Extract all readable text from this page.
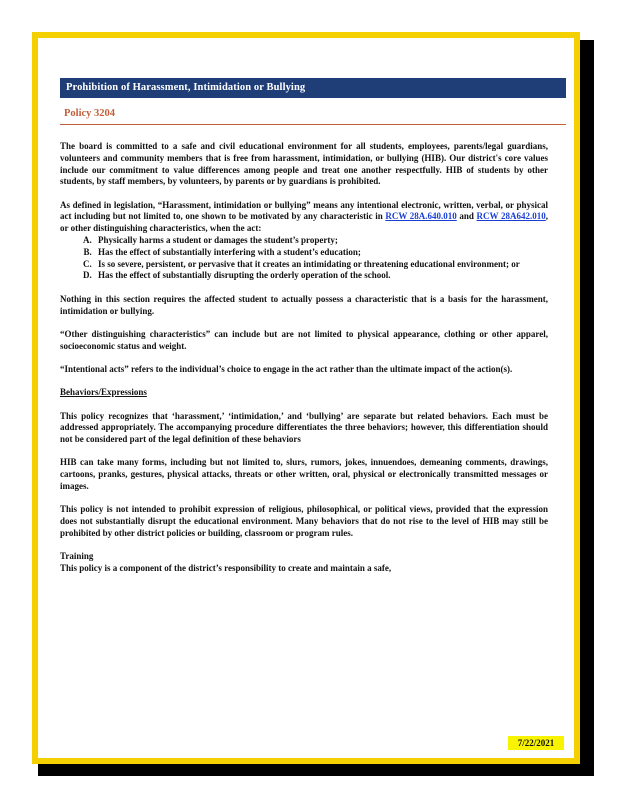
Prohibition of Harassment, Intimidation or Bullying
Policy 3204

The board is committed to a safe and civil educational environment for all students, employees, parents/legal guardians, volunteers and community members that is free from harassment, intimidation, or bullying (HIB). Our district's core values include our commitment to value differences among people and treat one another respectfully. HIB of students by other students, by staff members, by volunteers, by parents or by guardians is prohibited.

As defined in legislation, “Harassment, intimidation or bullying” means any intentional electronic, written, verbal, or physical act including but not limited to, one shown to be motivated by any characteristic in RCW 28A.640.010 and RCW 28A642.010, or other distinguishing characteristics, when the act:

A. Physically harms a student or damages the student’s property;
B. Has the effect of substantially interfering with a student’s education;
C. Is so severe, persistent, or pervasive that it creates an intimidating or threatening educational environment; or
D. Has the effect of substantially disrupting the orderly operation of the school.

Nothing in this section requires the affected student to actually possess a characteristic that is a basis for the harassment, intimidation or bullying.

“Other distinguishing characteristics” can include but are not limited to physical appearance, clothing or other apparel, socioeconomic status and weight.

“Intentional acts” refers to the individual’s choice to engage in the act rather than the ultimate impact of the action(s).

Behaviors/Expressions

This policy recognizes that ‘harassment,’ ‘intimidation,’ and ‘bullying’ are separate but related behaviors. Each must be addressed appropriately. The accompanying procedure differentiates the three behaviors; however, this differentiation should not be considered part of the legal definition of these behaviors

HIB can take many forms, including but not limited to, slurs, rumors, jokes, innuendoes, demeaning comments, drawings, cartoons, pranks, gestures, physical attacks, threats or other written, oral, physical or electronically transmitted messages or images.

This policy is not intended to prohibit expression of religious, philosophical, or political views, provided that the expression does not substantially disrupt the educational environment. Many behaviors that do not rise to the level of HIB may still be prohibited by other district policies or building, classroom or program rules.

Training

This policy is a component of the district’s responsibility to create and maintain a safe,

7/22/2021
